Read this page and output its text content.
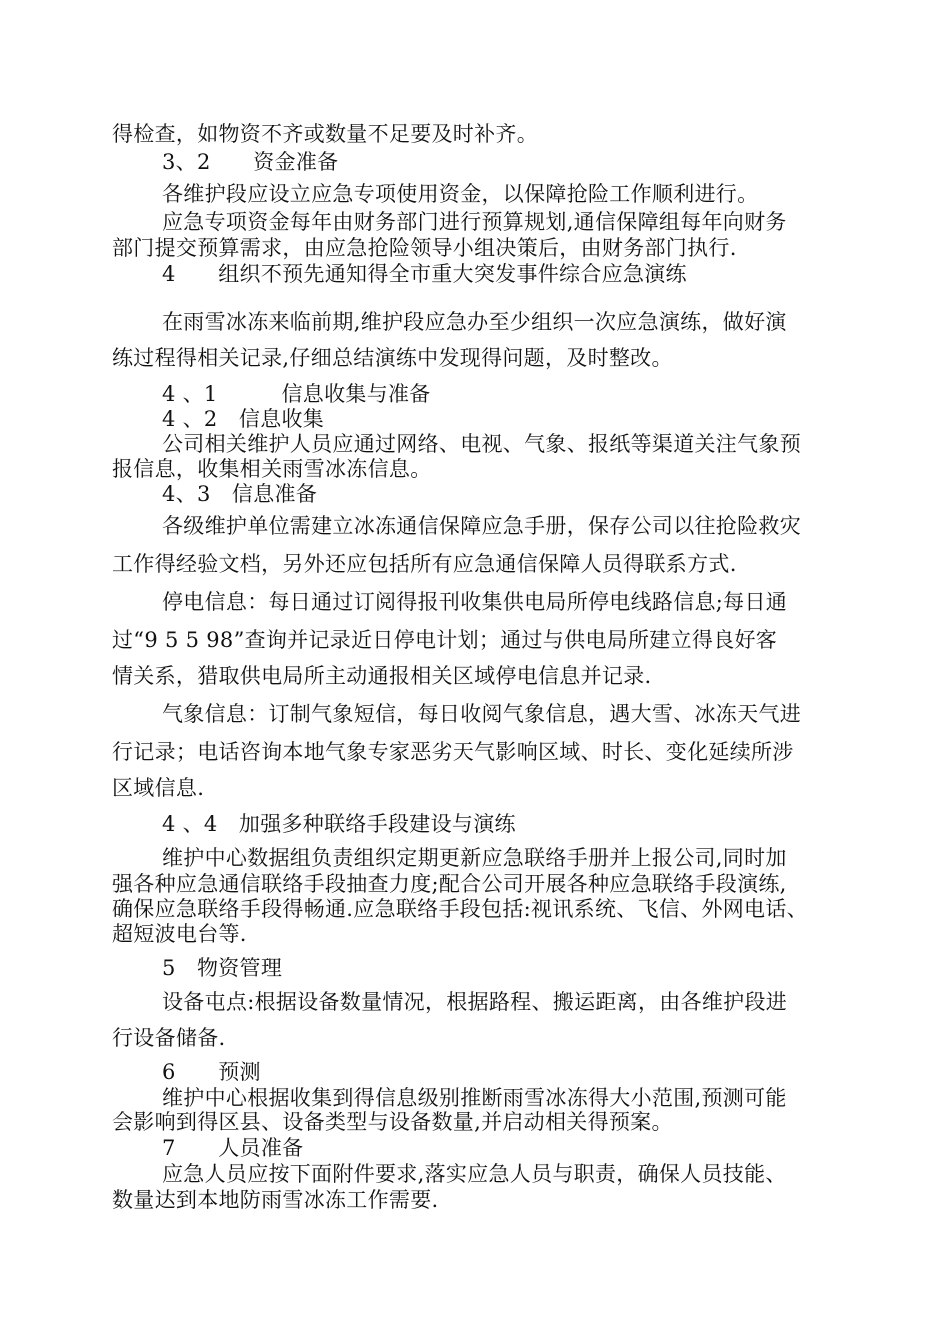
得检查，如物资不齐或数量不足要及时补齐。

3、2　　资金准备

各维护段应设立应急专项使用资金，以保障抢险工作顺利进行。

应急专项资金每年由财务部门进行预算规划,通信保障组每年向财务

部门提交预算需求，由应急抢险领导小组决策后，由财务部门执行.

4　　组织不预先通知得全市重大突发事件综合应急演练

在雨雪冰冻来临前期,维护段应急办至少组织一次应急演练，做好演

练过程得相关记录,仔细总结演练中发现得问题，及时整改。

4 、1　　　信息收集与准备

4 、2　信息收集

公司相关维护人员应通过网络、电视、气象、报纸等渠道关注气象预

报信息，收集相关雨雪冰冻信息。

4、3　信息准备

各级维护单位需建立冰冻通信保障应急手册，保存公司以往抢险救灾

工作得经验文档，另外还应包括所有应急通信保障人员得联系方式.

停电信息：每日通过订阅得报刊收集供电局所停电线路信息;每日通

过“9 5 5 98”查询并记录近日停电计划；通过与供电局所建立得良好客

情关系，猎取供电局所主动通报相关区域停电信息并记录.

气象信息：订制气象短信，每日收阅气象信息，遇大雪、冰冻天气进

行记录；电话咨询本地气象专家恶劣天气影响区域、时长、变化延续所涉

区域信息.

4 、4　加强多种联络手段建设与演练

维护中心数据组负责组织定期更新应急联络手册并上报公司,同时加

强各种应急通信联络手段抽查力度;配合公司开展各种应急联络手段演练,

确保应急联络手段得畅通.应急联络手段包括:视讯系统、飞信、外网电话、

超短波电台等.

5　物资管理

设备屯点:根据设备数量情况，根据路程、搬运距离，由各维护段进

行设备储备.

6　　预测

维护中心根据收集到得信息级别推断雨雪冰冻得大小范围,预测可能

会影响到得区县、设备类型与设备数量,并启动相关得预案。

7　　人员准备

应急人员应按下面附件要求,落实应急人员与职责，确保人员技能、

数量达到本地防雨雪冰冻工作需要.
